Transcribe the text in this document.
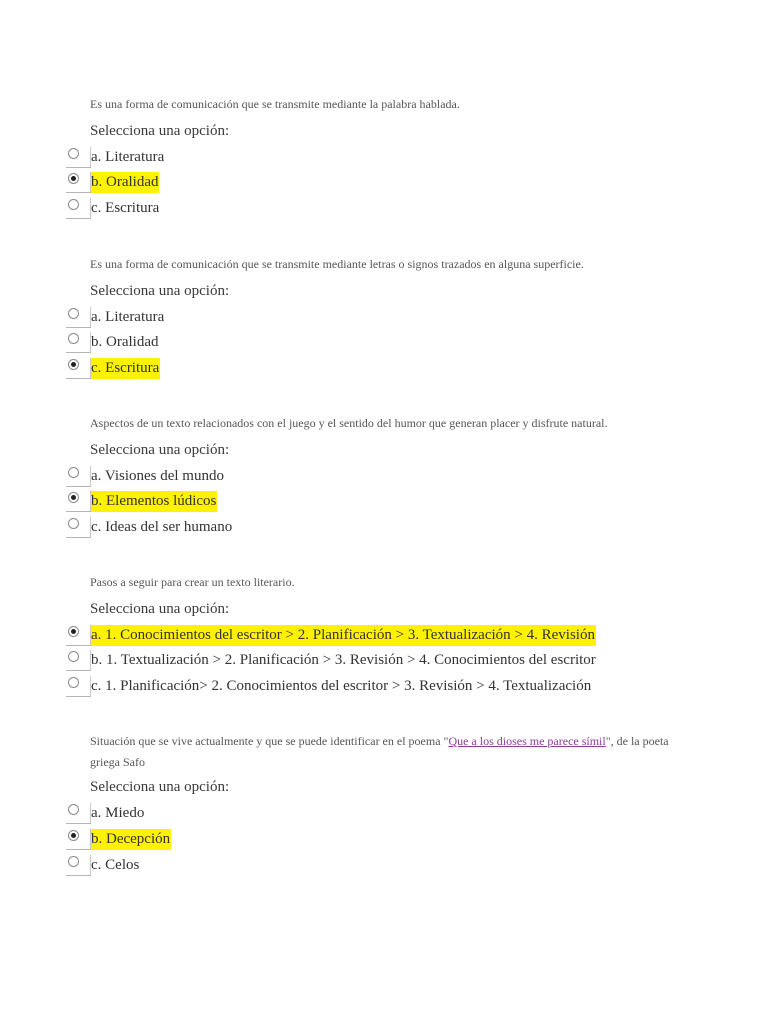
Es una forma de comunicación que se transmite mediante la palabra hablada.
Selecciona una opción:
a. Literatura
b. Oralidad
c. Escritura
Es una forma de comunicación que se transmite mediante letras o signos trazados en alguna superficie.
Selecciona una opción:
a. Literatura
b. Oralidad
c. Escritura
Aspectos de un texto relacionados con el juego y el sentido del humor que generan placer y disfrute natural.
Selecciona una opción:
a. Visiones del mundo
b. Elementos lúdicos
c. Ideas del ser humano
Pasos a seguir para crear un texto literario.
Selecciona una opción:
a. 1. Conocimientos del escritor > 2. Planificación > 3. Textualización > 4. Revisión
b. 1. Textualización > 2. Planificación > 3. Revisión > 4. Conocimientos del escritor
c. 1. Planificación> 2. Conocimientos del escritor > 3. Revisión > 4. Textualización
Situación que se vive actualmente y que se puede identificar en el poema "Que a los dioses me parece símil", de la poeta griega Safo
Selecciona una opción:
a. Miedo
b. Decepción
c. Celos
